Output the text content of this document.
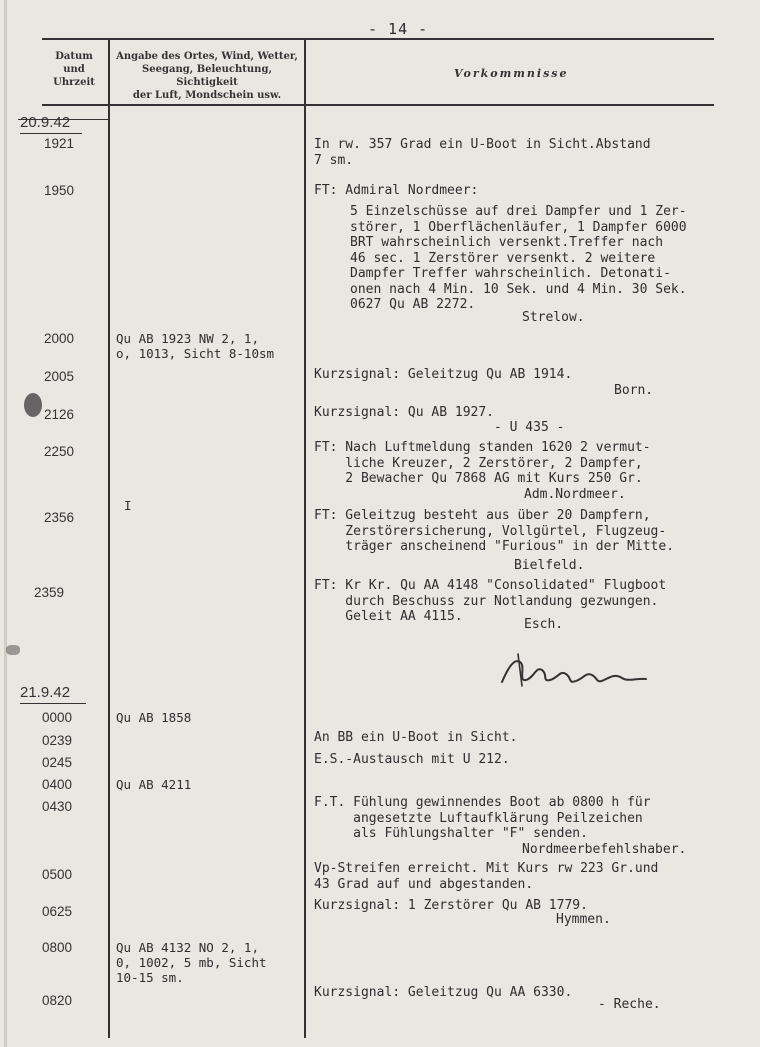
- 14 -
Datum
und
Uhrzeit
Angabe des Ortes, Wind, Wetter,
Seegang, Beleuchtung, Sichtigkeit
der Luft, Mondschein usw.
Vorkommnisse
20.9.42
21.9.42
1921
1950
2000
2005
2126
2250
2356
2359
0000
0239
0245
0400
0430
0500
0625
0800
0820
Qu AB 1923 NW 2, 1,
o, 1013, Sicht 8-10sm
I
Qu AB 1858
Qu AB 4211
Qu AB 4132 NO 2, 1,
0, 1002, 5 mb, Sicht
10-15 sm.
In rw. 357 Grad ein U-Boot in Sicht.Abstand
7 sm.
FT: Admiral Nordmeer:
5 Einzelschüsse auf drei Dampfer und 1 Zer-
störer, 1 Oberflächenläufer, 1 Dampfer 6000
BRT wahrscheinlich versenkt.Treffer nach
46 sec. 1 Zerstörer versenkt. 2 weitere
Dampfer Treffer wahrscheinlich. Detonati-
onen nach 4 Min. 10 Sek. und 4 Min. 30 Sek.
0627 Qu AB 2272.
Strelow.
Kurzsignal: Geleitzug Qu AB 1914.
Born.
Kurzsignal: Qu AB 1927.
- U 435 -
FT: Nach Luftmeldung standen 1620 2 vermut-
liche Kreuzer, 2 Zerstörer, 2 Dampfer,
2 Bewacher Qu 7868 AG mit Kurs 250 Gr.
Adm.Nordmeer.
FT: Geleitzug besteht aus über 20 Dampfern,
Zerstörersicherung, Vollgürtel, Flugzeug-
träger anscheinend "Furious" in der Mitte.
Bielfeld.
FT: Kr Kr. Qu AA 4148 "Consolidated" Flugboot
durch Beschuss zur Notlandung gezwungen.
Geleit AA 4115.
Esch.
An BB ein U-Boot in Sicht.
E.S.-Austausch mit U 212.
F.T. Fühlung gewinnendes Boot ab 0800 h für
angesetzte Luftaufklärung Peilzeichen
als Fühlungshalter "F" senden.
Nordmeerbefehlshaber.
Vp-Streifen erreicht. Mit Kurs rw 223 Gr.und
43 Grad auf und abgestanden.
Kurzsignal: 1 Zerstörer Qu AB 1779.
Hymmen.
Kurzsignal: Geleitzug Qu AA 6330.
- Reche.
